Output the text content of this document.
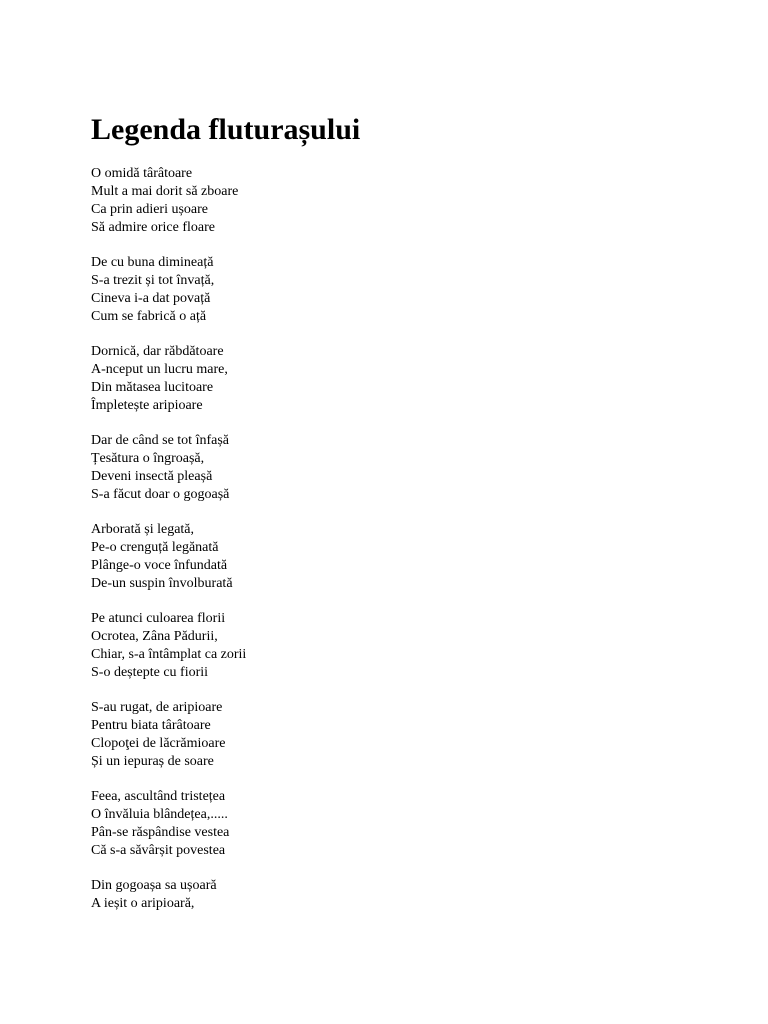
Legenda fluturașului
O omidă târâtoare
Mult a mai dorit să zboare
Ca prin adieri ușoare
Să admire orice floare
De cu buna dimineață
S-a trezit și tot învață,
Cineva i-a dat povață
Cum se fabrică o ață
Dornică, dar răbdătoare
A-nceput un lucru mare,
Din mătasea lucitoare
Împletește aripioare
Dar de când se tot înfașă
Țesătura o îngroașă,
Deveni insectă pleașă
S-a făcut doar o gogoașă
Arborată și legată,
Pe-o crenguță legănată
Plânge-o voce înfundată
De-un suspin învolburată
Pe atunci culoarea florii
Ocrotea, Zâna Pădurii,
Chiar, s-a întâmplat ca zorii
S-o deștepte cu fiorii
S-au rugat, de aripioare
Pentru biata târâtoare
Clopoţei de lăcrămioare
Și un iepuraș de soare
Feea, ascultând tristețea
O învăluia blândețea,.....
Pân-se răspândise vestea
Că s-a săvârșit povestea
Din gogoașa sa ușoară
A ieșit o aripioară,
